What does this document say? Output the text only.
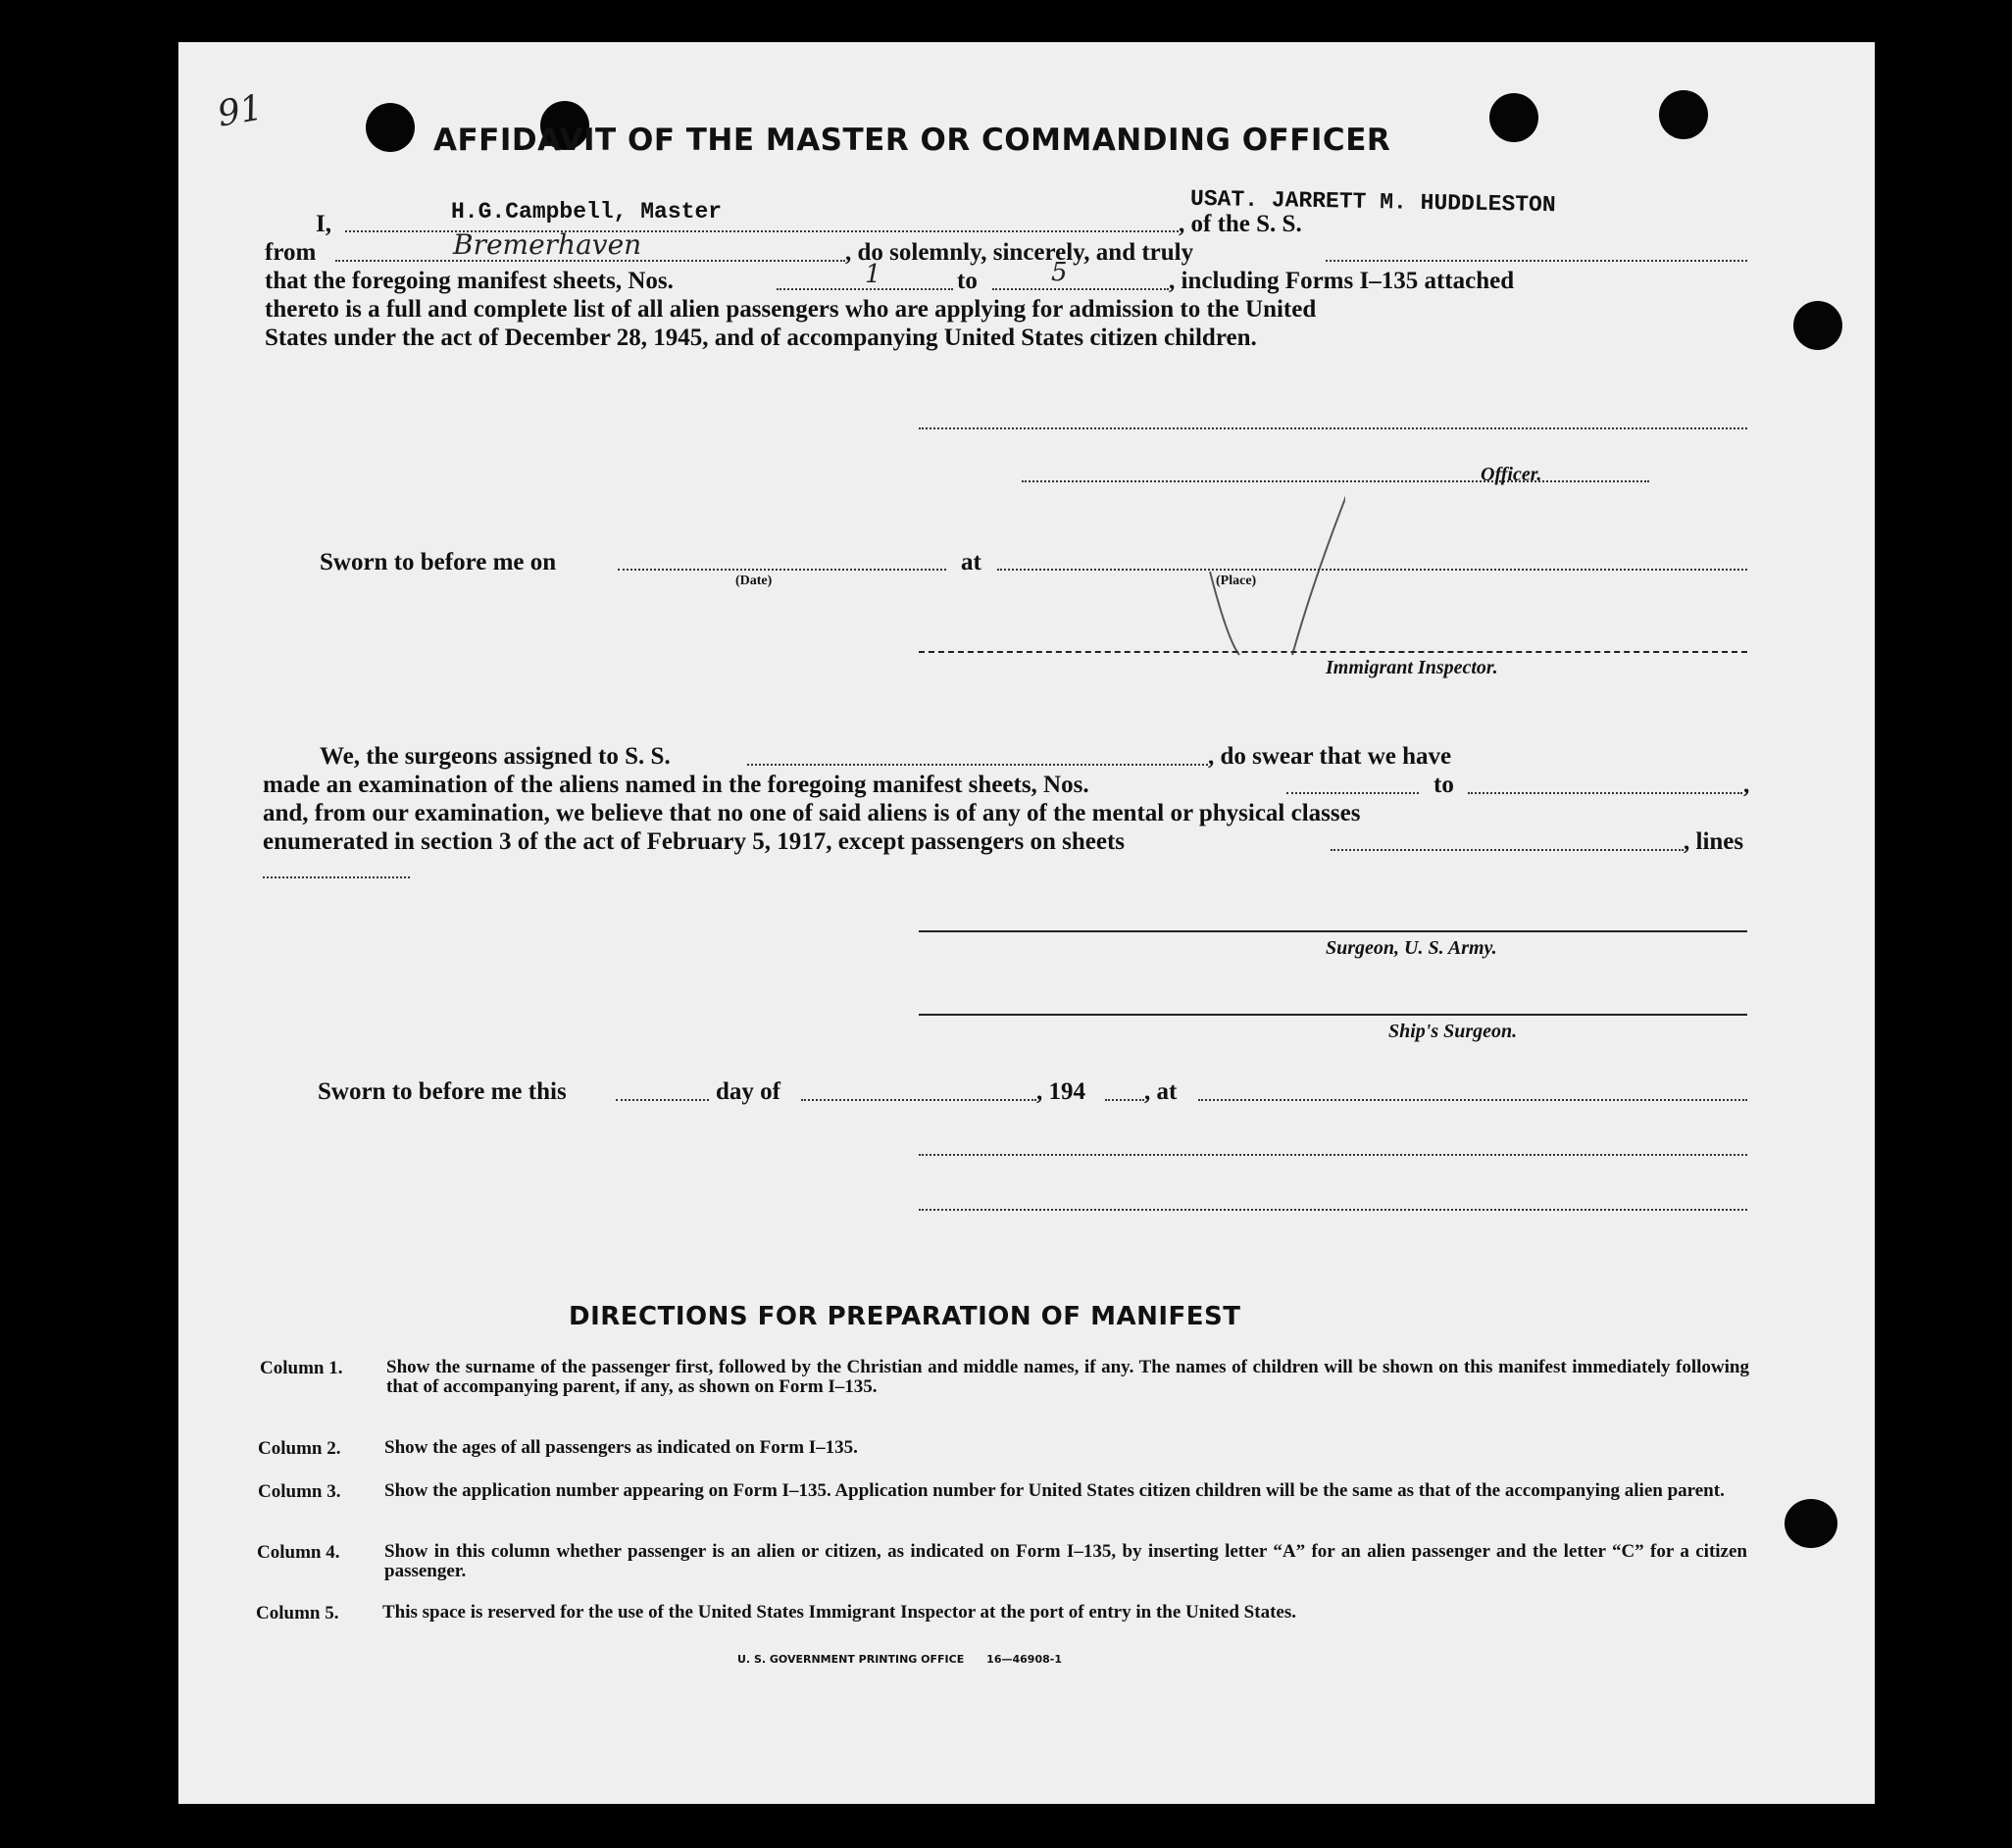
91
AFFIDAVIT OF THE MASTER OR COMMANDING OFFICER
I,	H.G.Campbell, Master	, of the S. S.
USAT. JARRETT M. HUDDLESTON
from	Bremerhaven	, do solemnly, sincerely, and truly
that the foregoing manifest sheets, Nos.	1	to	5	, including Forms I–135 attached
thereto is a full and complete list of all alien passengers who are applying for admission to the United
States under the act of December 28, 1945, and of accompanying United States citizen children.
Officer.
Sworn to before me on
(Date)
at
(Place)
Immigrant Inspector.
We, the surgeons assigned to S. S.	, do swear that we have
made an examination of the aliens named in the foregoing manifest sheets, Nos.	to	,
and, from our examination, we believe that no one of said aliens is of any of the mental or physical classes
enumerated in section 3 of the act of February 5, 1917, except passengers on sheets	, lines
Surgeon, U. S. Army.
Ship's Surgeon.
Sworn to before me this	day of	, 194 , at
DIRECTIONS FOR PREPARATION OF MANIFEST
Column 1. Show the surname of the passenger first, followed by the Christian and middle names, if any. The names of children will be shown on this manifest immediately following that of accompanying parent, if any, as shown on Form I–135.
Column 2. Show the ages of all passengers as indicated on Form I–135.
Column 3. Show the application number appearing on Form I–135. Application number for United States citizen children will be the same as that of the accompanying alien parent.
Column 4. Show in this column whether passenger is an alien or citizen, as indicated on Form I–135, by inserting letter “A” for an alien passenger and the letter “C” for a citizen passenger.
Column 5. This space is reserved for the use of the United States Immigrant Inspector at the port of entry in the United States.
U. S. GOVERNMENT PRINTING OFFICE      16—46908-1
